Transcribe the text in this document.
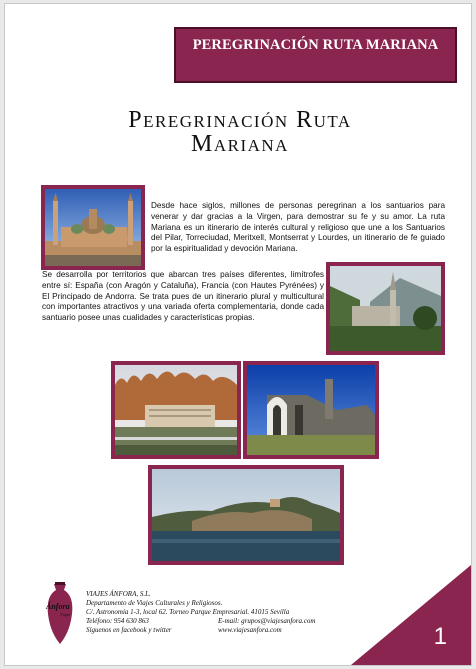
PEREGRINACIÓN RUTA MARIANA
Peregrinación Ruta
Mariana
Desde hace siglos, millones de personas peregrinan a los santuarios para venerar y dar gracias a la Virgen, para demostrar su fe y su amor. La ruta Mariana es un itinerario de interés cultural y religioso que une a los Santuarios del Pilar, Torreciudad, Meritxell, Montserrat y Lourdes, un itinerario de fe guiado por la espiritualidad y devoción Mariana.
Se desarrolla por territorios que abarcan tres países diferentes, limítrofes entre sí: España (con Aragón y Cataluña), Francia (con Hautes Pyrénées) y El Principado de Andorra. Se trata pues de un itinerario plural y multicultural con importantes atractivos y una variada oferta complementaria, donde cada santuario posee unas cualidades y características propias.
Ánfora
Viajes
VIAJES ÁNFORA, S.L.
Departamento de Viajes Culturales y Religiosos.
C/. Astronomía 1-3, local 62. Torneo Parque Empresarial. 41015 Sevilla
Teléfono: 954 630 863	E-mail: grupos@viajesanfora.com
Síguenos en facebook y twitter	www.viajesanfora.com	1
